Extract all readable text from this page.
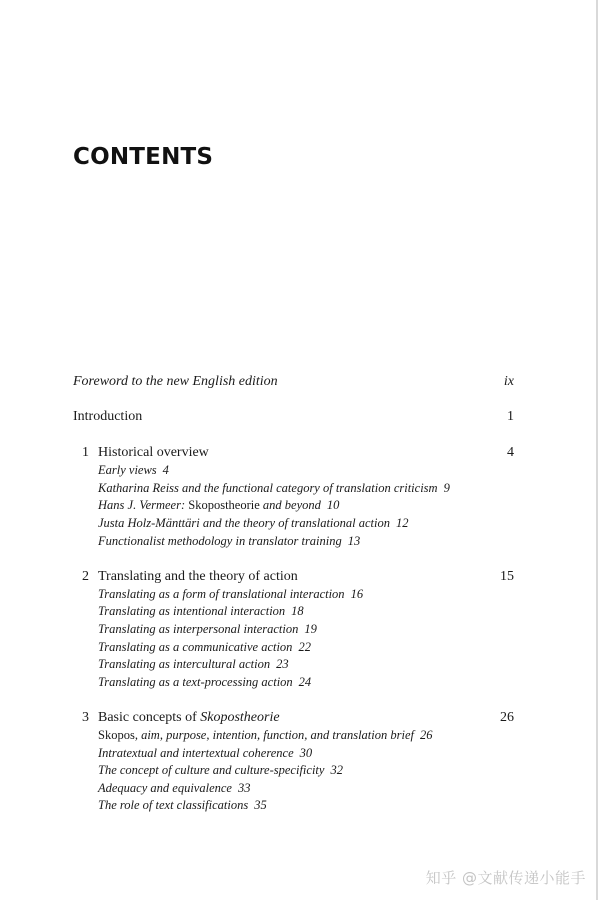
CONTENTS
Foreword to the new English edition	ix
Introduction	1
1 Historical overview	4
Early views 4
Katharina Reiss and the functional category of translation criticism 9
Hans J. Vermeer: Skopostheorie and beyond 10
Justa Holz-Mänttäri and the theory of translational action 12
Functionalist methodology in translator training 13
2 Translating and the theory of action	15
Translating as a form of translational interaction 16
Translating as intentional interaction 18
Translating as interpersonal interaction 19
Translating as a communicative action 22
Translating as intercultural action 23
Translating as a text-processing action 24
3 Basic concepts of Skopostheorie	26
Skopos, aim, purpose, intention, function, and translation brief 26
Intratextual and intertextual coherence 30
The concept of culture and culture-specificity 32
Adequacy and equivalence 33
The role of text classifications 35
知乎 @文献传递小能手
